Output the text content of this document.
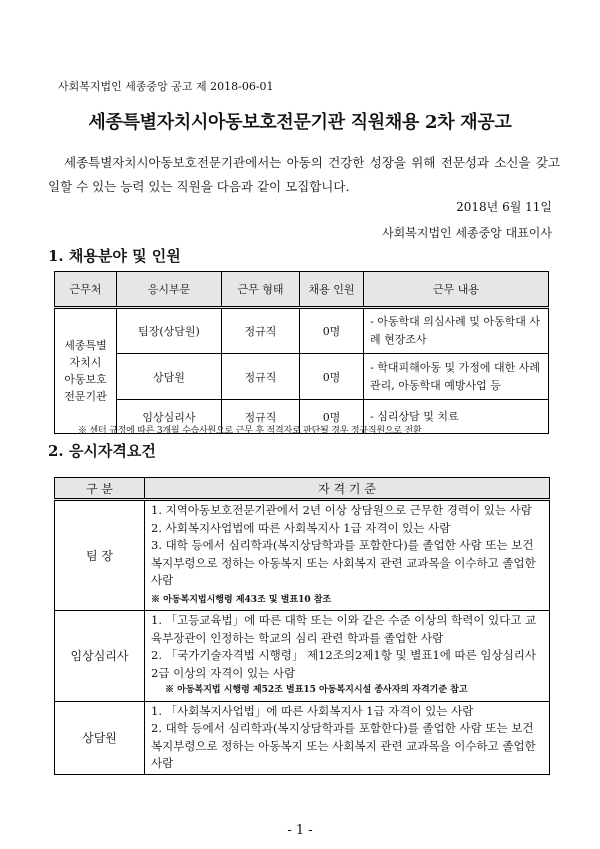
사회복지법인 세종중앙 공고 제 2018-06-01
세종특별자치시아동보호전문기관 직원채용 2차 재공고
세종특별자치시아동보호전문기관에서는 아동의 건강한 성장을 위해 전문성과 소신을 갖고 일할 수 있는 능력 있는 직원을 다음과 같이 모집합니다.
2018년 6월 11일
사회복지법인 세종중앙 대표이사
1. 채용분야 및 인원
근무처	응시부문	근무 형태	채용 인원	근무 내용
세종특별
자치시
아동보호
전문기관	팀장(상담원)	정규직	0명	- 아동학대 의심사례 및 아동학대 사례 현장조사
	상담원	정규직	0명	- 학대피해아동 및 가정에 대한 사례관리, 아동학대 예방사업 등
	임상심리사	정규직	0명	- 심리상담 및 치료
※ 센터 규정에 따른 3개월 수습사원으로 근무 후 적격자로 판단될 경우 정규직원으로 전환
2. 응시자격요건
구 분	자 격 기 준
팀 장	1. 지역아동보호전문기관에서 2년 이상 상담원으로 근무한 경력이 있는 사람
2. 사회복지사업법에 따른 사회복지사 1급 자격이 있는 사람
3. 대학 등에서 심리학과(복지상담학과를 포함한다)를 졸업한 사람 또는 보건복지부령으로 정하는 아동복지 또는 사회복지 관련 교과목을 이수하고 졸업한 사람
※ 아동복지법시행령 제43조 및 별표10 참조
임상심리사	1. 「고등교육법」에 따른 대학 또는 이와 같은 수준 이상의 학력이 있다고 교육부장관이 인정하는 학교의 심리 관련 학과를 졸업한 사람
2. 「국가기술자격법 시행령」 제12조의2제1항 및 별표1에 따른 임상심리사 2급 이상의 자격이 있는 사람
※ 아동복지법 시행령 제52조 별표15 아동복지시설 종사자의 자격기준 참고

상담원	1. 「사회복지사업법」에 따른 사회복지사 1급 자격이 있는 사람
2. 대학 등에서 심리학과(복지상담학과를 포함한다)를 졸업한 사람 또는 보건복지부령으로 정하는 아동복지 또는 사회복지 관련 교과목을 이수하고 졸업한 사람
- 1 -
